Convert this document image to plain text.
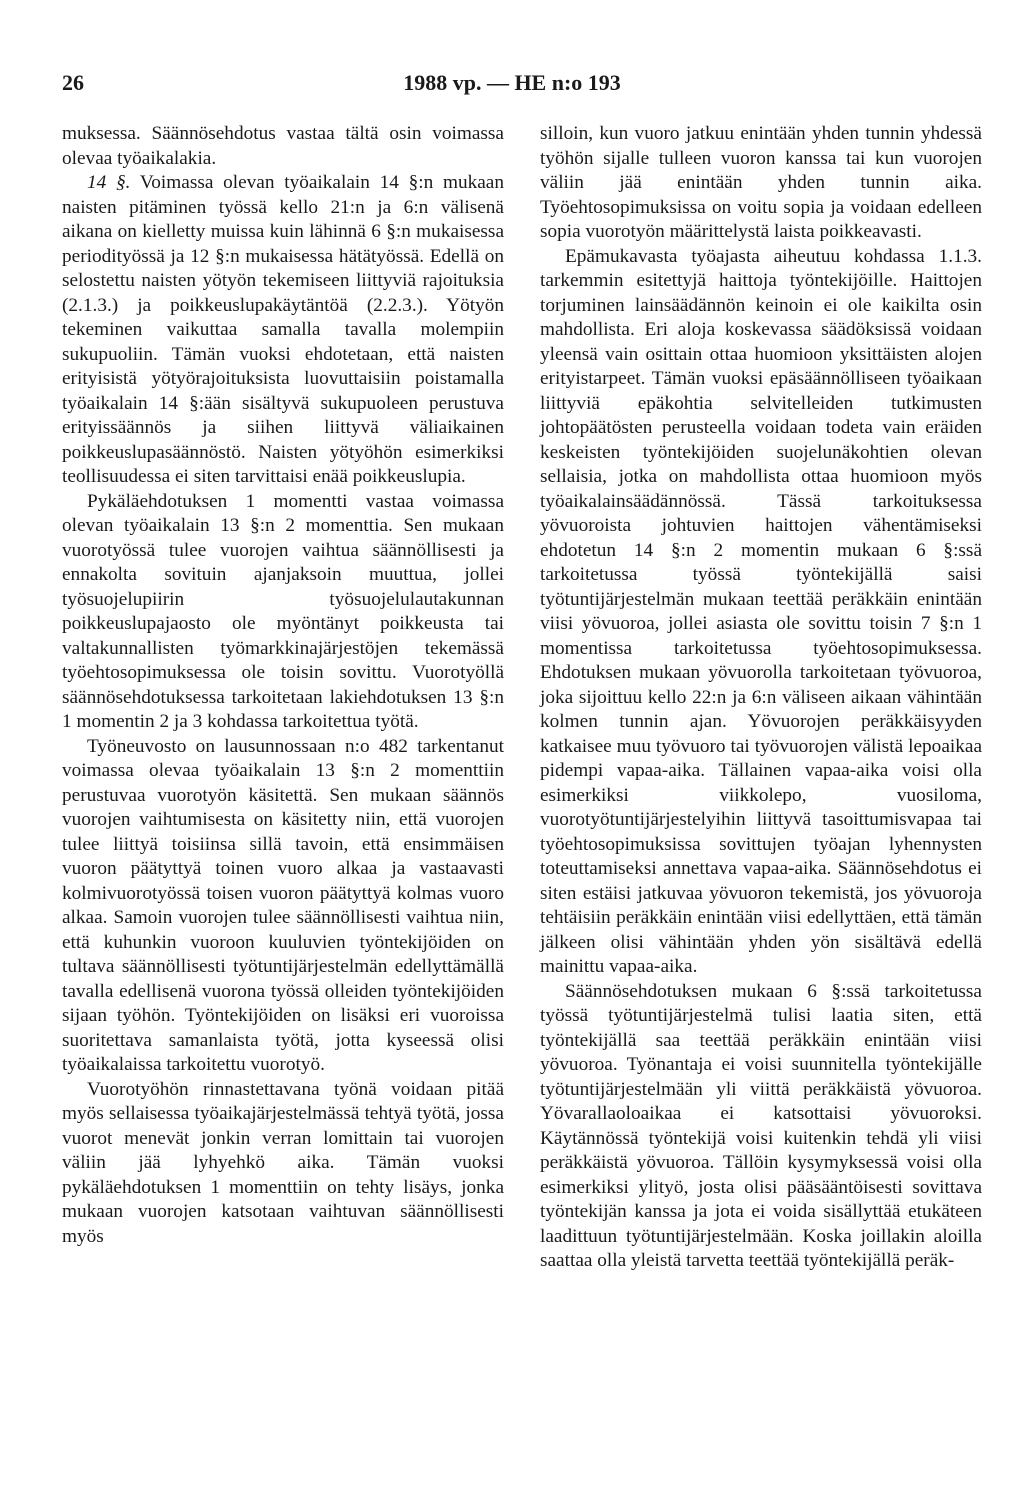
26	1988 vp. — HE n:o 193

muksessa. Säännösehdotus vastaa tältä osin voimassa olevaa työaikalakia.

14 §. Voimassa olevan työaikalain 14 §:n mukaan naisten pitäminen työssä kello 21:n ja 6:n välisenä aikana on kielletty muissa kuin lähinnä 6 §:n mukaisessa periodityössä ja 12 §:n mukaisessa hätätyössä. Edellä on selostettu naisten yötyön tekemiseen liittyviä rajoituksia (2.1.3.) ja poikkeuslupakäytäntöä (2.2.3.). Yötyön tekeminen vaikuttaa samalla tavalla molempiin sukupuoliin. Tämän vuoksi ehdotetaan, että naisten erityisistä yötyörajoituksista luovuttaisiin poistamalla työaikalain 14 §:ään sisältyvä sukupuoleen perustuva erityissäännös ja siihen liittyvä väliaikainen poikkeuslupasäännöstö. Naisten yötyöhön esimerkiksi teollisuudessa ei siten tarvittaisi enää poikkeuslupia.

Pykäläehdotuksen 1 momentti vastaa voimassa olevan työaikalain 13 §:n 2 momenttia. Sen mukaan vuorotyössä tulee vuorojen vaihtua säännöllisesti ja ennakolta sovituin ajanjaksoin muuttua, jollei työsuojelupiirin työsuojelulautakunnan poikkeuslupajaosto ole myöntänyt poikkeusta tai valtakunnallisten työmarkkinajärjestöjen tekemässä työehtosopimuksessa ole toisin sovittu. Vuorotyöllä säännösehdotuksessa tarkoitetaan lakiehdotuksen 13 §:n 1 momentin 2 ja 3 kohdassa tarkoitettua työtä.

Työneuvosto on lausunnossaan n:o 482 tarkentanut voimassa olevaa työaikalain 13 §:n 2 momenttiin perustuvaa vuorotyön käsitettä. Sen mukaan säännös vuorojen vaihtumisesta on käsitetty niin, että vuorojen tulee liittyä toisiinsa sillä tavoin, että ensimmäisen vuoron päätyttyä toinen vuoro alkaa ja vastaavasti kolmivuorotyössä toisen vuoron päätyttyä kolmas vuoro alkaa. Samoin vuorojen tulee säännöllisesti vaihtua niin, että kuhunkin vuoroon kuuluvien työntekijöiden on tultava säännöllisesti työtuntijärjestelmän edellyttämällä tavalla edellisenä vuorona työssä olleiden työntekijöiden sijaan työhön. Työntekijöiden on lisäksi eri vuoroissa suoritettava samanlaista työtä, jotta kyseessä olisi työaikalaissa tarkoitettu vuorotyö.

Vuorotyöhön rinnastettavana työnä voidaan pitää myös sellaisessa työaikajärjestelmässä tehtyä työtä, jossa vuorot menevät jonkin verran lomittain tai vuorojen väliin jää lyhyehkö aika. Tämän vuoksi pykäläehdotuksen 1 momenttiin on tehty lisäys, jonka mukaan vuorojen katsotaan vaihtuvan säännöllisesti myös

silloin, kun vuoro jatkuu enintään yhden tunnin yhdessä työhön sijalle tulleen vuoron kanssa tai kun vuorojen väliin jää enintään yhden tunnin aika. Työehtosopimuksissa on voitu sopia ja voidaan edelleen sopia vuorotyön määrittelystä laista poikkeavasti.

Epämukavasta työajasta aiheutuu kohdassa 1.1.3. tarkemmin esitettyjä haittoja työntekijöille. Haittojen torjuminen lainsäädännön keinoin ei ole kaikilta osin mahdollista. Eri aloja koskevassa säädöksissä voidaan yleensä vain osittain ottaa huomioon yksittäisten alojen erityistarpeet. Tämän vuoksi epäsäännölliseen työaikaan liittyviä epäkohtia selvitelleiden tutkimusten johtopäätösten perusteella voidaan todeta vain eräiden keskeisten työntekijöiden suojelunäkohtien olevan sellaisia, jotka on mahdollista ottaa huomioon myös työaikalainsäädännössä. Tässä tarkoituksessa yövuoroista johtuvien haittojen vähentämiseksi ehdotetun 14 §:n 2 momentin mukaan 6 §:ssä tarkoitetussa työssä työntekijällä saisi työtuntijärjestelmän mukaan teettää peräkkäin enintään viisi yövuoroa, jollei asiasta ole sovittu toisin 7 §:n 1 momentissa tarkoitetussa työehtosopimuksessa. Ehdotuksen mukaan yövuorolla tarkoitetaan työvuoroa, joka sijoittuu kello 22:n ja 6:n väliseen aikaan vähintään kolmen tunnin ajan. Yövuorojen peräkkäisyyden katkaisee muu työvuoro tai työvuorojen välistä lepoaikaa pidempi vapaa-aika. Tällainen vapaa-aika voisi olla esimerkiksi viikkolepo, vuosiloma, vuorotyötuntijärjestelyihin liittyvä tasoittumisvapaa tai työehtosopimuksissa sovittujen työajan lyhennysten toteuttamiseksi annettava vapaa-aika. Säännösehdotus ei siten estäisi jatkuvaa yövuoron tekemistä, jos yövuoroja tehtäisiin peräkkäin enintään viisi edellyttäen, että tämän jälkeen olisi vähintään yhden yön sisältävä edellä mainittu vapaa-aika.

Säännösehdotuksen mukaan 6 §:ssä tarkoitetussa työssä työtuntijärjestelmä tulisi laatia siten, että työntekijällä saa teettää peräkkäin enintään viisi yövuoroa. Työnantaja ei voisi suunnitella työntekijälle työtuntijärjestelmään yli viittä peräkkäistä yövuoroa. Yövarallaoloaikaa ei katsottaisi yövuoroksi. Käytännössä työntekijä voisi kuitenkin tehdä yli viisi peräkkäistä yövuoroa. Tällöin kysymyksessä voisi olla esimerkiksi ylityö, josta olisi pääsääntöisesti sovittava työntekijän kanssa ja jota ei voida sisällyttää etukäteen laadittuun työtuntijärjestelmään. Koska joillakin aloilla saattaa olla yleistä tarvetta teettää työntekijällä peräk-
